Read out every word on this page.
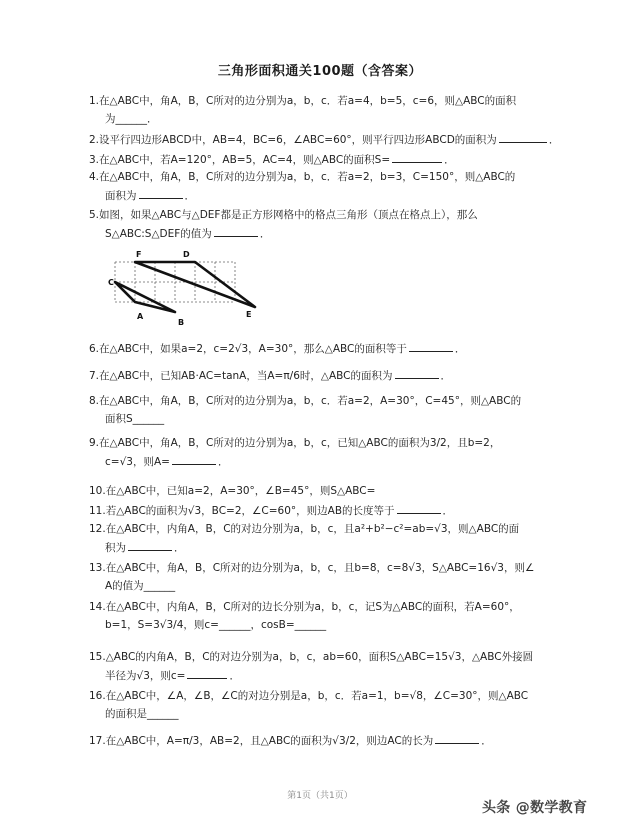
三角形面积通关100题（含答案）
1.在△ABC中，角A，B，C所对的边分别为a，b，c．若a=4，b=5，c=6，则△ABC的面积
为______．
2.设平行四边形ABCD中，AB=4，BC=6，∠ABC=60°，则平行四边形ABCD的面积为	．
3.在△ABC中，若A=120°，AB=5，AC=4，则△ABC的面积S=	．
4.在△ABC中，角A，B，C所对的边分别为a，b，c．若a=2，b=3，C=150°，则△ABC的
面积为	．
5.如图，如果△ABC与△DEF都是正方形网格中的格点三角形（顶点在格点上），那么
S△ABC:S△DEF的值为	．
C
F	D
A
B
E
6.在△ABC中，如果a=2，c=2√3，A=30°，那么△ABC的面积等于	．
7.在△ABC中，已知AB·AC=tanA，当A=π/6时，△ABC的面积为	．
8.在△ABC中，角A，B，C所对的边分别为a，b，c．若a=2，A=30°，C=45°，则△ABC的
面积S______
9.在△ABC中，角A，B，C所对的边分别为a，b，c，已知△ABC的面积为3/2，且b=2，
c=√3，则A=	．
10.在△ABC中，已知a=2，A=30°，∠B=45°，则S△ABC=
11.若△ABC的面积为√3，BC=2，∠C=60°，则边AB的长度等于	．
12.在△ABC中，内角A，B，C的对边分别为a，b，c，且a²+b²−c²=ab=√3，则△ABC的面
积为	．
13.在△ABC中，角A，B，C所对的边分别为a，b，c，且b=8，c=8√3，S△ABC=16√3，则∠
A的值为______
14.在△ABC中，内角A，B，C所对的边长分别为a，b，c，记S为△ABC的面积，若A=60°，
b=1，S=3√3/4，则c=______，cosB=______
15.△ABC的内角A，B，C的对边分别为a，b，c，ab=60，面积S△ABC=15√3，△ABC外接圆
半径为√3，则c=	．
16.在△ABC中，∠A，∠B，∠C的对边分别是a，b，c．若a=1，b=√8，∠C=30°，则△ABC
的面积是______
17.在△ABC中，A=π/3，AB=2，且△ABC的面积为√3/2，则边AC的长为	．
第1页（共1页）
头条 @数学教育
